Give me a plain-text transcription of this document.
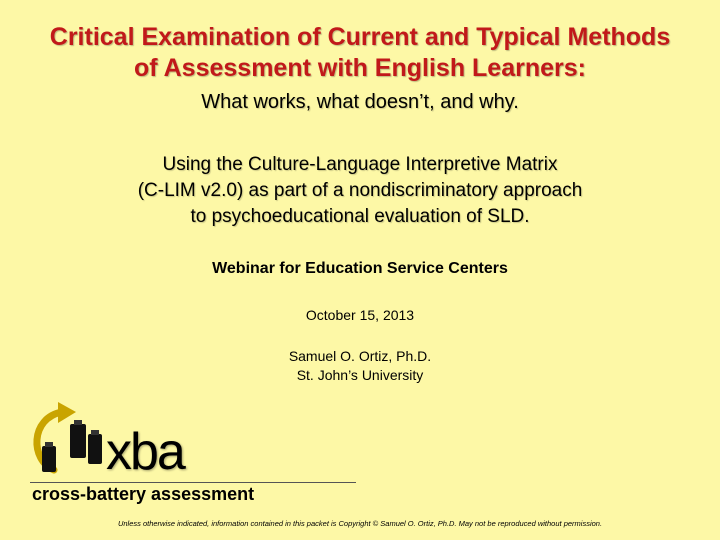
Critical Examination of Current and Typical Methods
of Assessment with English Learners:
What works, what doesn’t, and why.
Using the Culture-Language Interpretive Matrix
(C-LIM v2.0) as part of a nondiscriminatory approach
to psychoeducational evaluation of SLD.
Webinar for Education Service Centers
October 15, 2013
Samuel O. Ortiz, Ph.D.
St. John’s University
xba
cross-battery assessment
Unless otherwise indicated, information contained in this packet is Copyright © Samuel O. Ortiz, Ph.D. May not be reproduced without permission.
